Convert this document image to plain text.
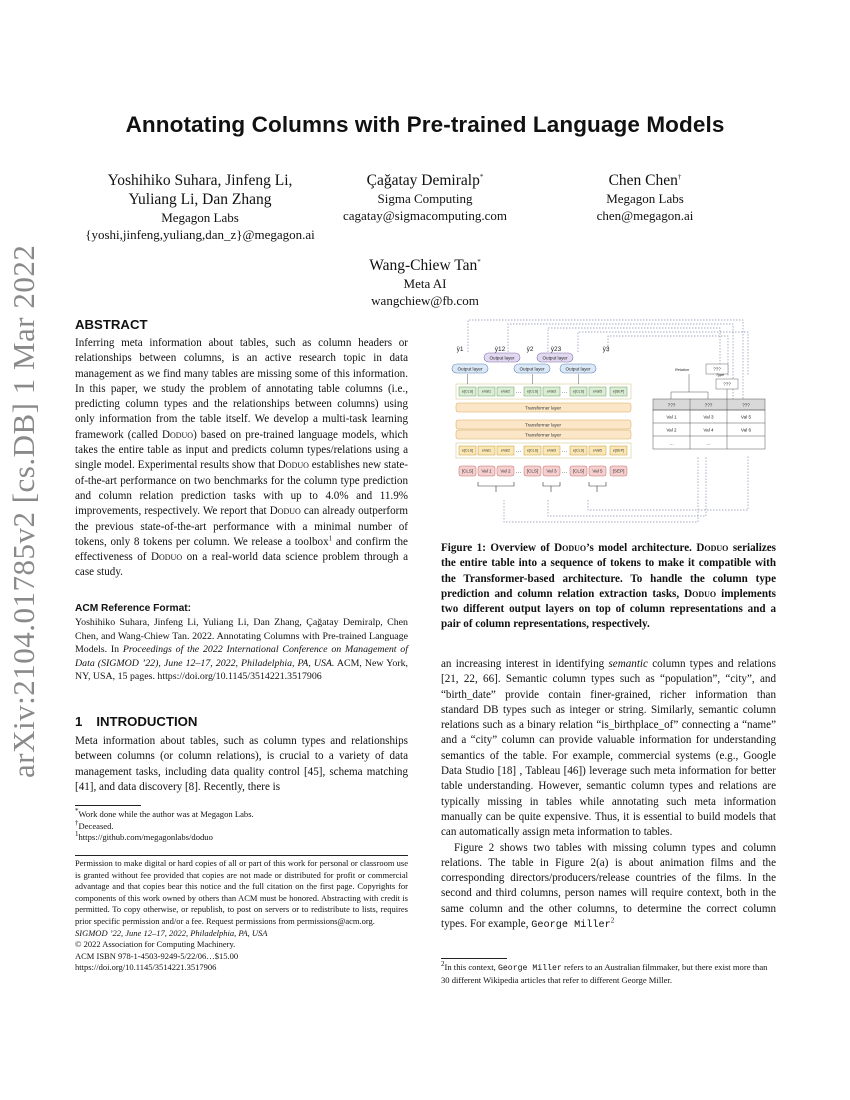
arXiv:2104.01785v2 [cs.DB] 1 Mar 2022
Annotating Columns with Pre-trained Language Models
Yoshihiko Suhara, Jinfeng Li,
Yuliang Li, Dan Zhang
Megagon Labs
{yoshi,jinfeng,yuliang,dan_z}@megagon.ai
Çağatay Demiralp*
Sigma Computing
cagatay@sigmacomputing.com
Chen Chen†
Megagon Labs
chen@megagon.ai
Wang-Chiew Tan*
Meta AI
wangchiew@fb.com
ABSTRACT
Inferring meta information about tables, such as column headers or relationships between columns, is an active research topic in data management as we find many tables are missing some of this information. In this paper, we study the problem of annotating table columns (i.e., predicting column types and the relationships between columns) using only information from the table itself. We develop a multi-task learning framework (called Doduo) based on pre-trained language models, which takes the entire table as input and predicts column types/relations using a single model. Experimental results show that Doduo establishes new state-of-the-art performance on two benchmarks for the column type prediction and column relation prediction tasks with up to 4.0% and 11.9% improvements, respectively. We report that Doduo can already outperform the previous state-of-the-art performance with a minimal number of tokens, only 8 tokens per column. We release a toolbox$^1$ and confirm the effectiveness of Doduo on a real-world data science problem through a case study.
ACM Reference Format:
Yoshihiko Suhara, Jinfeng Li, Yuliang Li, Dan Zhang, Çağatay Demiralp, Chen Chen, and Wang-Chiew Tan. 2022. Annotating Columns with Pre-trained Language Models. In Proceedings of the 2022 International Conference on Management of Data (SIGMOD ’22), June 12–17, 2022, Philadelphia, PA, USA. ACM, New York, NY, USA, 15 pages. https://doi.org/10.1145/3514221.3517906
1 INTRODUCTION
Meta information about tables, such as column types and relationships between columns (or column relations), is crucial to a variety of data management tasks, including data quality control [45], schema matching [41], and data discovery [8]. Recently, there is
*Work done while the author was at Megagon Labs.
†Deceased.
$^1$https://github.com/megagonlabs/doduo
Permission to make digital or hard copies of all or part of this work for personal or classroom use is granted without fee provided that copies are not made or distributed for profit or commercial advantage and that copies bear this notice and the full citation on the first page. Copyrights for components of this work owned by others than ACM must be honored. Abstracting with credit is permitted. To copy otherwise, or republish, to post on servers or to redistribute to lists, requires prior specific permission and/or a fee. Request permissions from permissions@acm.org.
SIGMOD ’22, June 12–17, 2022, Philadelphia, PA, USA
© 2022 Association for Computing Machinery.
ACM ISBN 978-1-4503-9249-5/22/06…$15.00
https://doi.org/10.1145/3514221.3517906
ŷ1	ŷ12	ŷ2	ŷ23	ŷ3
Output layer	Output layer
Output layer	Output layer	Output layer
e[CLS]	eVal1	eVal2	e[CLS]	eVal3	e[CLS]	eVal5	e[SEP]
Transformer layer
Transformer layer
Transformer layer
e[CLS]	eVal1	eVal2	e[CLS]	eVal3	e[CLS]	eVal5	e[SEP]
[CLS] Val 1 Val 2	[CLS] Val 3	[CLS] Val 5 [SEP]
…	…
…	…
…	…
???
Relation
???
Type
???	???	???
Val 1	Val 3	Val 5
Val 2	Val 4	Val 6
…	…
Figure 1: Overview of Doduo’s model architecture. Doduo serializes the entire table into a sequence of tokens to make it compatible with the Transformer-based architecture. To handle the column type prediction and column relation extraction tasks, Doduo implements two different output layers on top of column representations and a pair of column representations, respectively.
an increasing interest in identifying semantic column types and relations [21, 22, 66]. Semantic column types such as “population”, “city”, and “birth_date” provide contain finer-grained, richer information than standard DB types such as integer or string. Similarly, semantic column relations such as a binary relation “is_birthplace_of” connecting a “name” and a “city” column can provide valuable information for understanding semantics of the table. For example, commercial systems (e.g., Google Data Studio [18] , Tableau [46]) leverage such meta information for better table understanding. However, semantic column types and relations are typically missing in tables while annotating such meta information manually can be quite expensive. Thus, it is essential to build models that can automatically assign meta information to tables.
Figure 2 shows two tables with missing column types and column relations. The table in Figure 2(a) is about animation films and the corresponding directors/producers/release countries of the films. In the second and third columns, person names will require context, both in the same column and the other columns, to determine the correct column types. For example, George Miller$^2$
$^2$In this context, George Miller refers to an Australian filmmaker, but there exist more than 30 different Wikipedia articles that refer to different George Miller.
